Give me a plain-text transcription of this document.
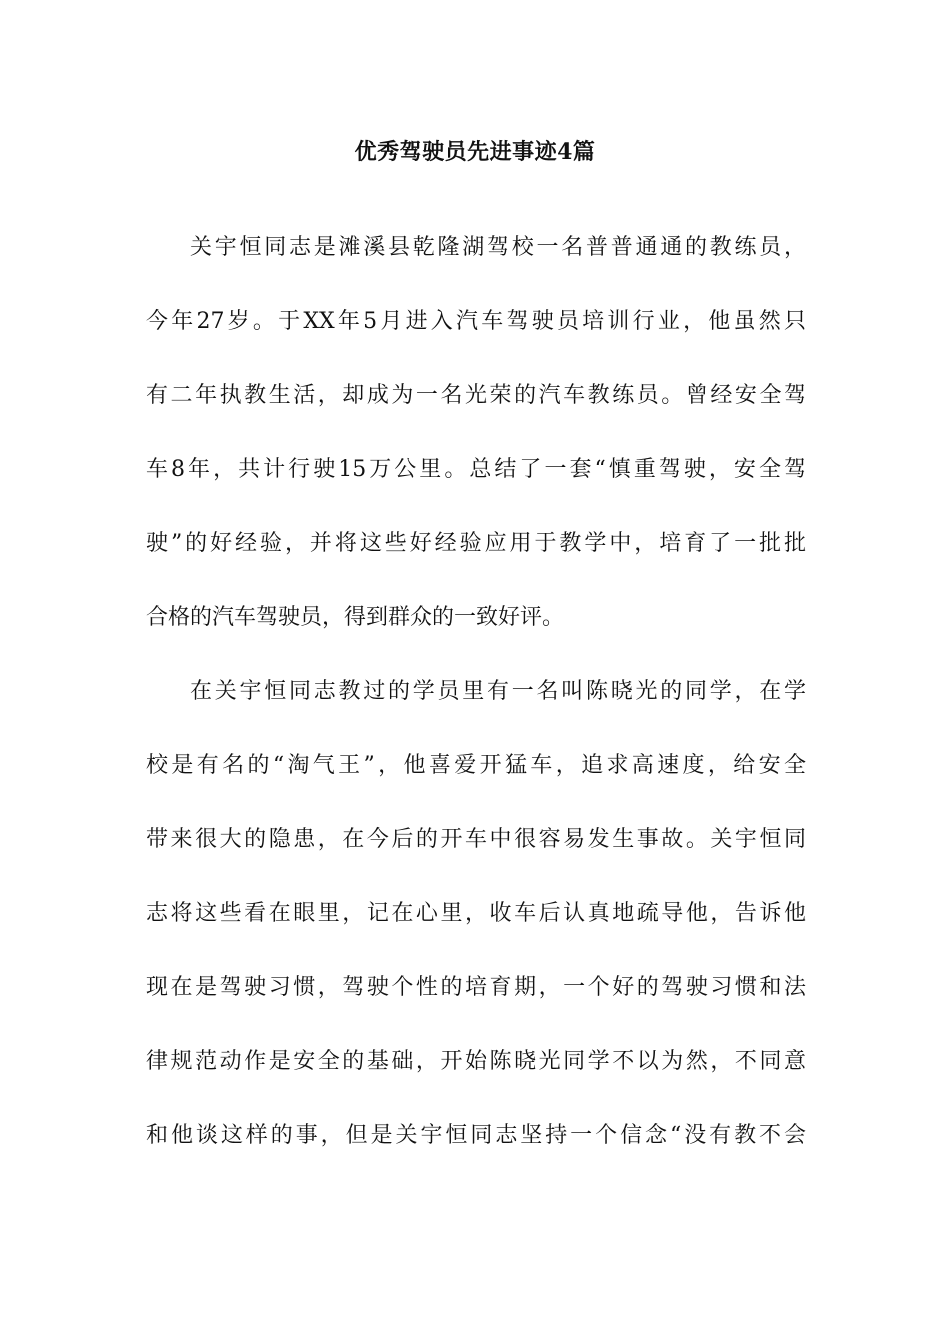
优秀驾驶员先进事迹4篇
关宇恒同志是滩溪县乾隆湖驾校一名普普通通的教练员，
今年27岁。于XX年5月进入汽车驾驶员培训行业，他虽然只
有二年执教生活，却成为一名光荣的汽车教练员。曾经安全驾
车8年，共计行驶15万公里。总结了一套“慎重驾驶，安全驾
驶”的好经验，并将这些好经验应用于教学中，培育了一批批
合格的汽车驾驶员，得到群众的一致好评。
在关宇恒同志教过的学员里有一名叫陈晓光的同学，在学
校是有名的“淘气王”，他喜爱开猛车，追求高速度，给安全
带来很大的隐患，在今后的开车中很容易发生事故。关宇恒同
志将这些看在眼里，记在心里，收车后认真地疏导他，告诉他
现在是驾驶习惯，驾驶个性的培育期，一个好的驾驶习惯和法
律规范动作是安全的基础，开始陈晓光同学不以为然，不同意
和他谈这样的事，但是关宇恒同志坚持一个信念“没有教不会
